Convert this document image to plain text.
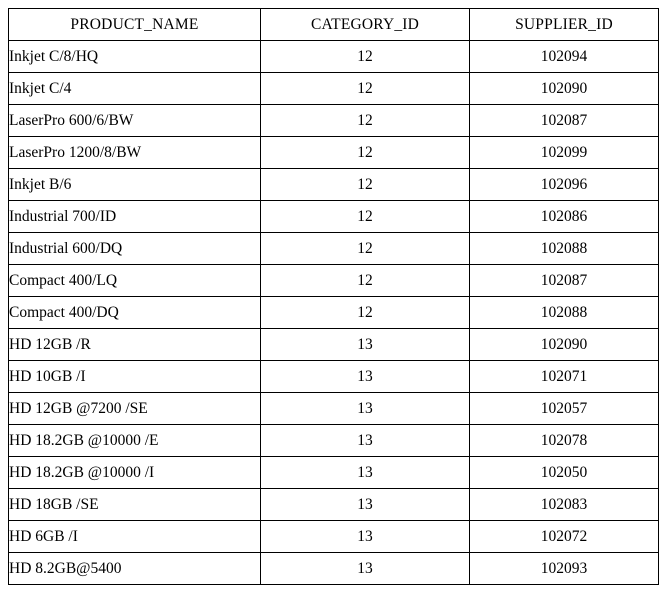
PRODUCT_NAME	CATEGORY_ID	SUPPLIER_ID
Inkjet C/8/HQ	12	102094
Inkjet C/4	12	102090
LaserPro 600/6/BW	12	102087
LaserPro 1200/8/BW	12	102099
Inkjet B/6	12	102096
Industrial 700/ID	12	102086
Industrial 600/DQ	12	102088
Compact 400/LQ	12	102087
Compact 400/DQ	12	102088
HD 12GB /R	13	102090
HD 10GB /I	13	102071
HD 12GB @7200 /SE	13	102057
HD 18.2GB @10000 /E	13	102078
HD 18.2GB @10000 /I	13	102050
HD 18GB /SE	13	102083
HD 6GB /I	13	102072
HD 8.2GB@5400	13	102093
